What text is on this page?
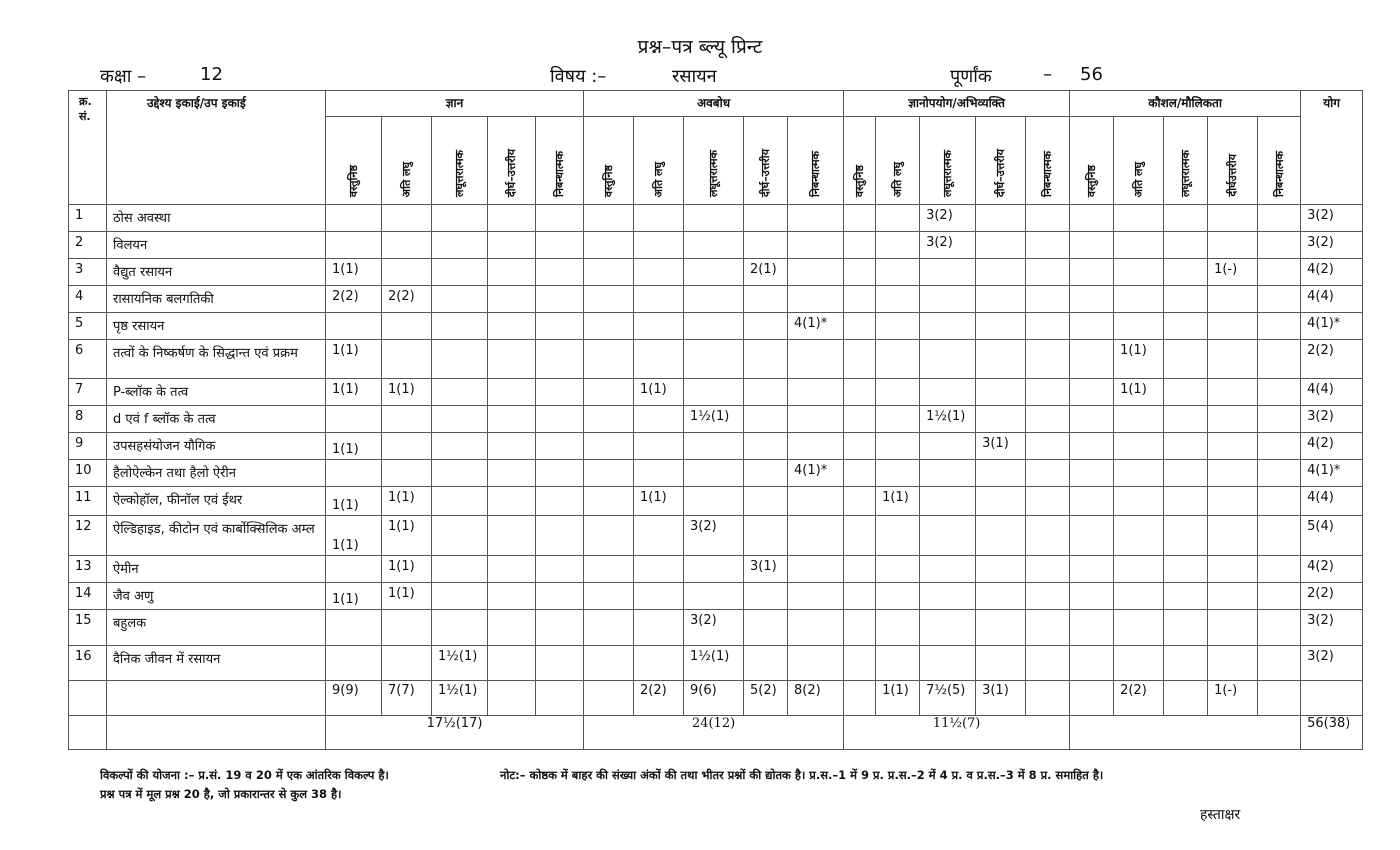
प्रश्न–पत्र ब्ल्यू प्रिन्ट
कक्षा –	12	विषय :–	रसायन	पूर्णांक	– 56
क्र. सं.	उद्देश्य इकाई/उप इकाई	ज्ञान					अवबोध					ज्ञानोपयोग/अभिव्यक्ति					कौशल/मौलिकता					योग
		वस्तुनिष्ठ	अति लघु	लघूत्तरात्मक	दीर्घ–उत्तरीय	निबन्धात्मक	वस्तुनिष्ठ	अति लघु	लघूत्तरात्मक	दीर्घ–उत्तरीय	निबन्धात्मक	वस्तुनिष्ठ	अति लघु	लघूत्तरात्मक	दीर्घ–उत्तरीय	निबन्धात्मक	वस्तुनिष्ठ	अति लघु	लघूत्तरात्मक	दीर्घउत्तरीय	निबन्धात्मक	
1	ठोस अवस्था													3(2)								3(2)
2	विलयन													3(2)								3(2)
3	वैद्युत रसायन	1(1)								2(1)										1(-)		4(2)
4	रासायनिक बलगतिकी	2(2)	2(2)																			4(4)
5	पृष्ठ रसायन										4(1)*											4(1)*
6	तत्वों के निष्कर्षण के सिद्धान्त एवं प्रक्रम	1(1)																1(1)				2(2)
7	P-ब्लॉक के तत्व	1(1)	1(1)					1(1)										1(1)				4(4)
8	d एवं f ब्लॉक के तत्व								1½(1)					1½(1)								3(2)
9	उपसहसंयोजन यौगिक	1(1)													3(1)							4(2)
10	हैलोऐल्केन तथा हैलो ऐरीन										4(1)*											4(1)*
11	ऐल्कोहॉल, फीनॉल एवं ईथर	1(1)	1(1)					1(1)					1(1)									4(4)
12	ऐल्डिहाइड, कीटोन एवं कार्बोक्सिलिक अम्ल	1(1)	1(1)						3(2)													5(4)
13	ऐमीन		1(1)							3(1)												4(2)
14	जैव अणु	1(1)	1(1)																			2(2)
15	बहुलक								3(2)													3(2)
16	दैनिक जीवन में रसायन			1½(1)					1½(1)													3(2)
		9(9)	7(7)	1½(1)				2(2)	9(6)	5(2)	8(2)		1(1)	7½(5)	3(1)			2(2)		1(-)		
		17½(17)					24(12)					11½(7)										56(38)
विकल्पों की योजना :– प्र.सं. 19 व 20 में एक आंतरिक विकल्प है।	नोट:– कोष्ठक में बाहर की संख्या अंकों की तथा भीतर प्रश्नों की द्योतक है। प्र.स.–1 में 9 प्र. प्र.स.–2 में 4 प्र. व प्र.स.–3 में 8 प्र. समाहित है।
प्रश्न पत्र में मूल प्रश्न 20 है, जो प्रकारान्तर से कुल 38 है।
हस्ताक्षर
